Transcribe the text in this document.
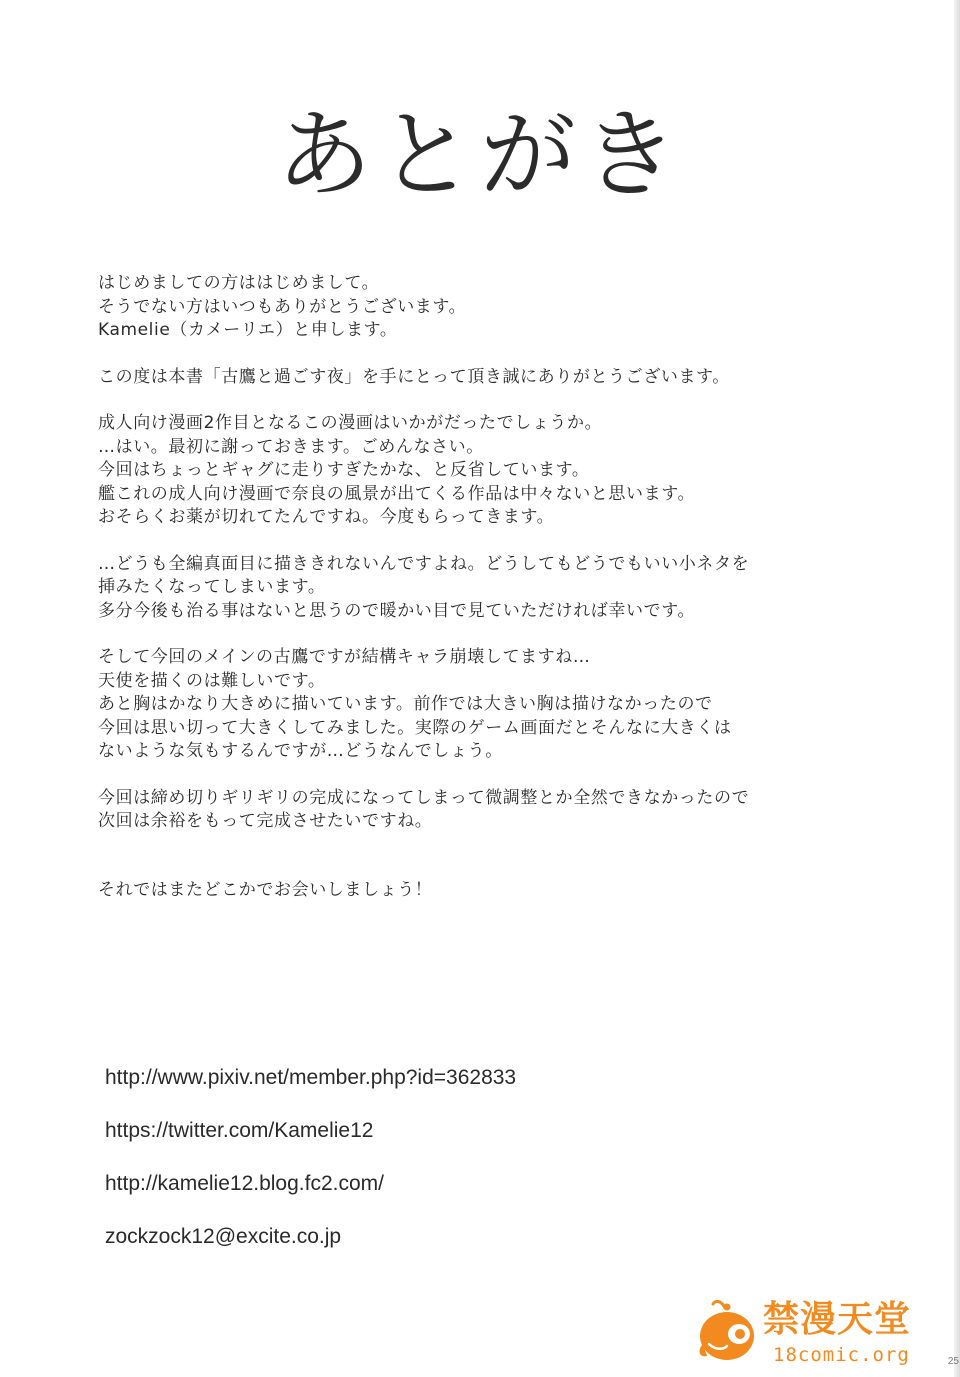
あとがき

はじめましての方ははじめまして。
そうでない方はいつもありがとうございます。
Kamelie（カメーリエ）と申します。

この度は本書「古鷹と過ごす夜」を手にとって頂き誠にありがとうございます。

成人向け漫画2作目となるこの漫画はいかがだったでしょうか。
…はい。最初に謝っておきます。ごめんなさい。
今回はちょっとギャグに走りすぎたかな、と反省しています。
艦これの成人向け漫画で奈良の風景が出てくる作品は中々ないと思います。
おそらくお薬が切れてたんですね。今度もらってきます。

…どうも全編真面目に描ききれないんですよね。どうしてもどうでもいい小ネタを
挿みたくなってしまいます。
多分今後も治る事はないと思うので暖かい目で見ていただければ幸いです。

そして今回のメインの古鷹ですが結構キャラ崩壊してますね…
天使を描くのは難しいです。
あと胸はかなり大きめに描いています。前作では大きい胸は描けなかったので
今回は思い切って大きくしてみました。実際のゲーム画面だとそんなに大きくは
ないような気もするんですが…どうなんでしょう。

今回は締め切りギリギリの完成になってしまって微調整とか全然できなかったので
次回は余裕をもって完成させたいですね。

それではまたどこかでお会いしましょう！

http://www.pixiv.net/member.php?id=362833
https://twitter.com/Kamelie12
http://kamelie12.blog.fc2.com/
zockzock12@excite.co.jp
禁漫天堂
18comic.org	25
